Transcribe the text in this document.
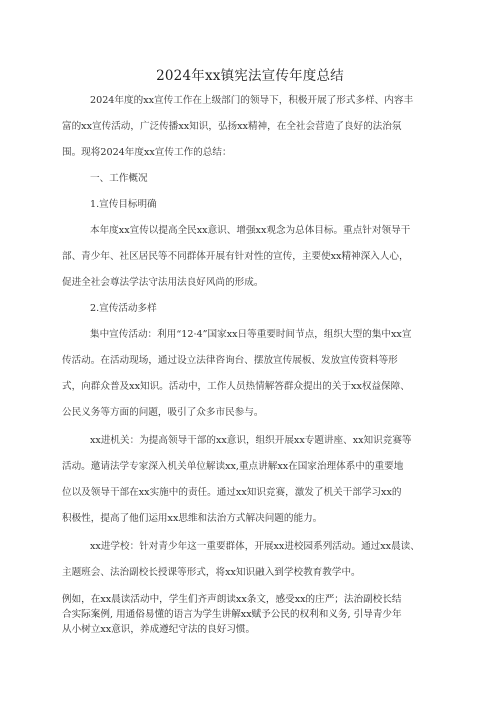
2024年xx镇宪法宣传年度总结
2024年度的xx宣传工作在上级部门的领导下，积极开展了形式多样、内容丰
富的xx宣传活动，广泛传播xx知识，弘扬xx精神，在全社会营造了良好的法治氛
围。现将2024年度xx宣传工作的总结：
一、工作概况
1.宣传目标明确
本年度xx宣传以提高全民xx意识、增强xx观念为总体目标。重点针对领导干
部、青少年、社区居民等不同群体开展有针对性的宣传，主要使xx精神深入人心，
促进全社会尊法学法守法用法良好风尚的形成。
2.宣传活动多样
集中宣传活动：利用“12·4”国家xx日等重要时间节点，组织大型的集中xx宣
传活动。在活动现场，通过设立法律咨询台、摆放宣传展板、发放宣传资料等形
式，向群众普及xx知识。活动中，工作人员热情解答群众提出的关于xx权益保障、
公民义务等方面的问题，吸引了众多市民参与。
xx进机关：为提高领导干部的xx意识，组织开展xx专题讲座、xx知识竞赛等
活动。邀请法学专家深入机关单位解读xx,重点讲解xx在国家治理体系中的重要地
位以及领导干部在xx实施中的责任。通过xx知识竞赛，激发了机关干部学习xx的
积极性，提高了他们运用xx思维和法治方式解决问题的能力。
xx进学校：针对青少年这一重要群体，开展xx进校园系列活动。通过xx晨读、
主题班会、法治副校长授课等形式，将xx知识融入到学校教育教学中。
例如，在xx晨读活动中，学生们齐声朗读xx条文，感受xx的庄严；法治副校长结
合实际案例, 用通俗易懂的语言为学生讲解xx赋予公民的权利和义务, 引导青少年
从小树立xx意识，养成遵纪守法的良好习惯。
